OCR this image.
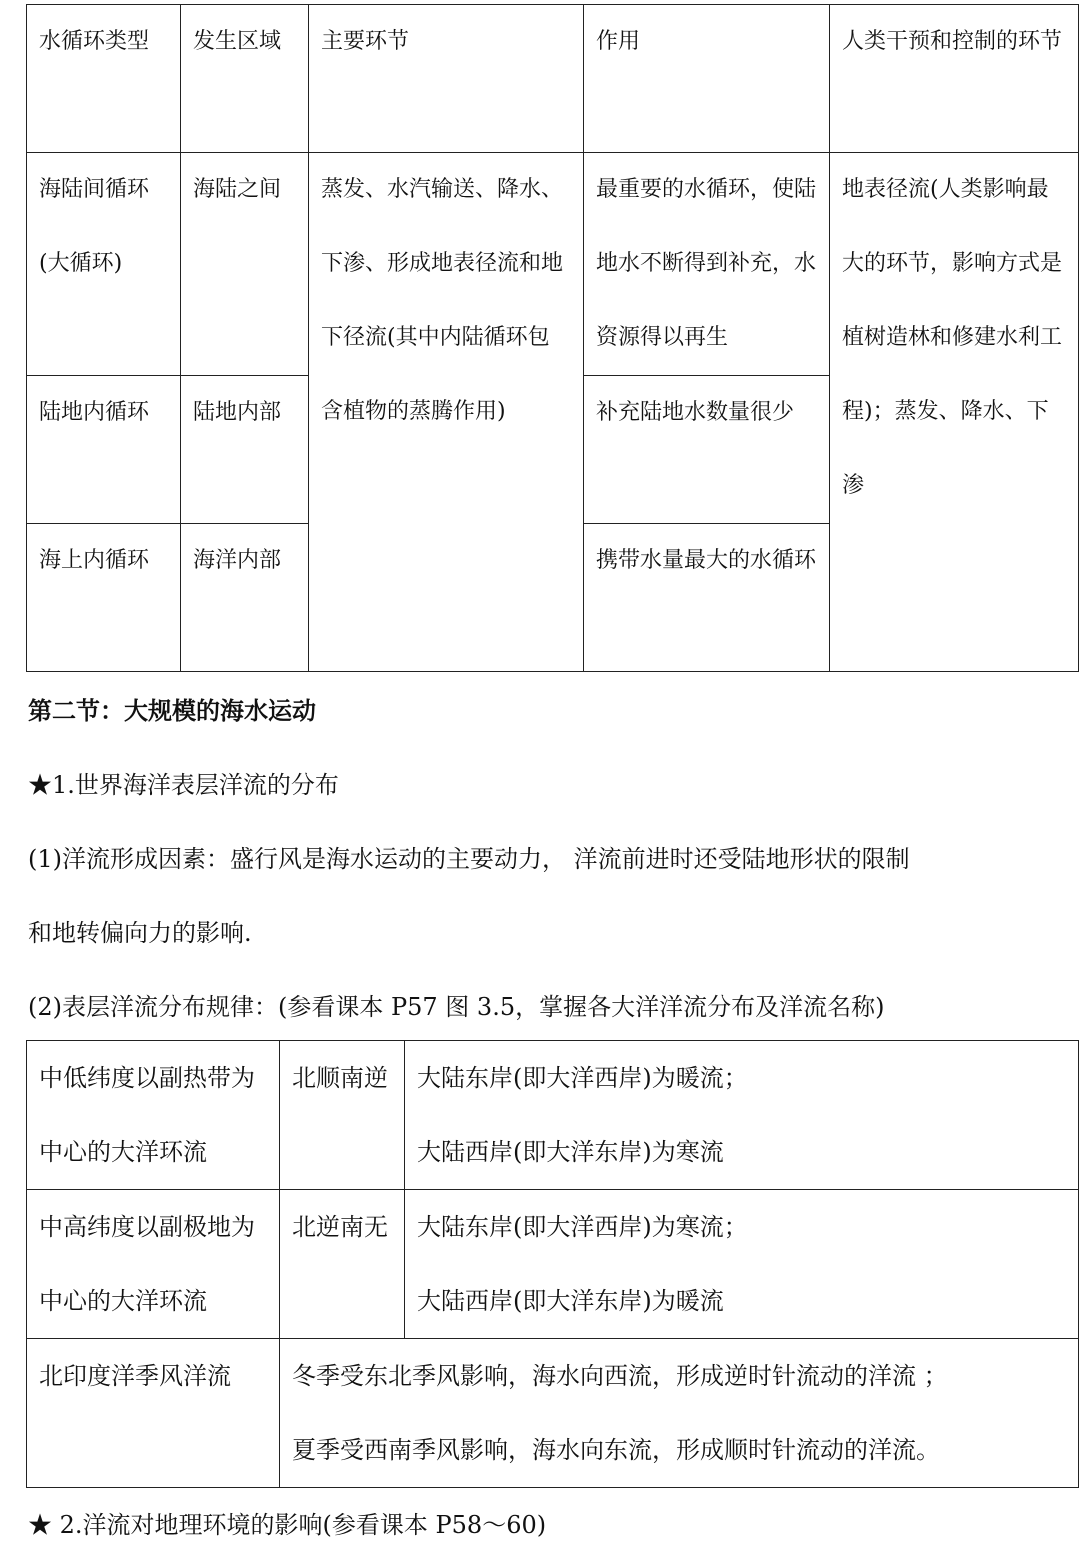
水循环类型	发生区域	主要环节	作用	人类干预和控制的环节
海陆间循环(大循环)	海陆之间	蒸发、水汽输送、降水、下渗、形成地表径流和地下径流(其中内陆循环包含植物的蒸腾作用)	最重要的水循环，使陆地水不断得到补充，水资源得以再生	地表径流(人类影响最大的环节，影响方式是植树造林和修建水利工程)；蒸发、降水、下渗
陆地内循环	陆地内部		补充陆地水数量很少	
海上内循环	海洋内部		携带水量最大的水循环	
第二节：大规模的海水运动
★1.世界海洋表层洋流的分布
(1)洋流形成因素：盛行风是海水运动的主要动力， 洋流前进时还受陆地形状的限制
和地转偏向力的影响.
(2)表层洋流分布规律：(参看课本 P57 图 3.5，掌握各大洋洋流分布及洋流名称)
中低纬度以副热带为中心的大洋环流	北顺南逆	大陆东岸(即大洋西岸)为暖流；
大陆西岸(即大洋东岸)为寒流

中高纬度以副极地为中心的大洋环流	北逆南无	大陆东岸(即大洋西岸)为寒流；
大陆西岸(即大洋东岸)为暖流

北印度洋季风洋流	冬季受东北季风影响，海水向西流，形成逆时针流动的洋流 ；
夏季受西南季风影响，海水向东流，形成顺时针流动的洋流。	
★ 2.洋流对地理环境的影响(参看课本 P58～60)
